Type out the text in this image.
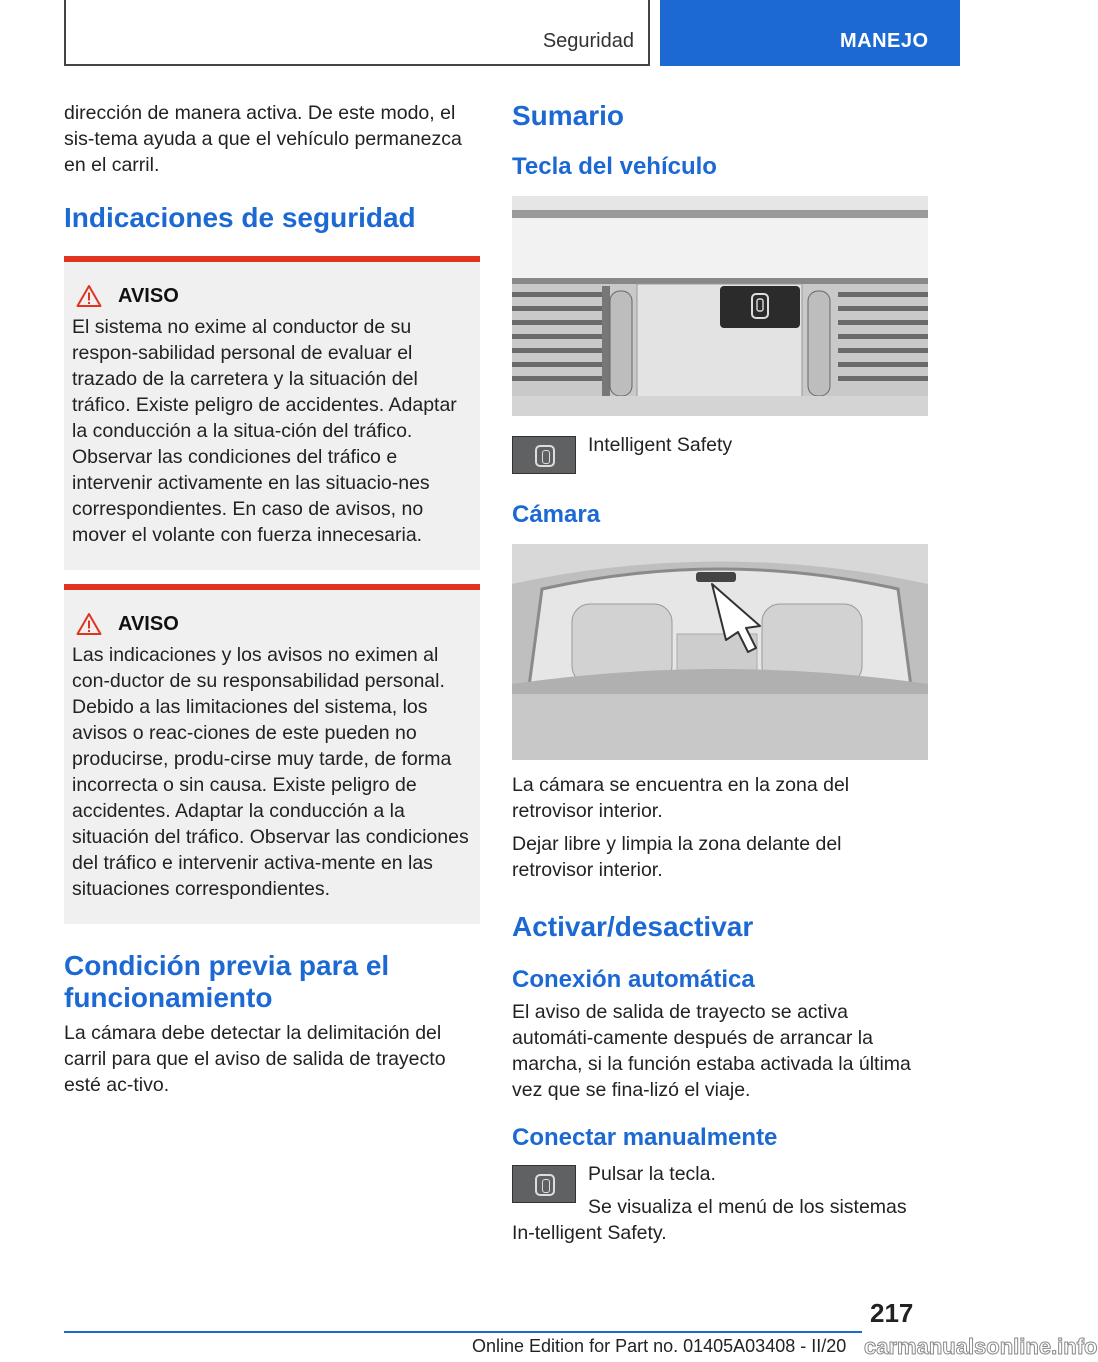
Seguridad	MANEJO

dirección de manera activa. De este modo, el sis‐tema ayuda a que el vehículo permanezca en el carril.

Indicaciones de seguridad
AVISO

El sistema no exime al conductor de su respon‐sabilidad personal de evaluar el trazado de la carretera y la situación del tráfico. Existe peligro de accidentes. Adaptar la conducción a la situa‐ción del tráfico. Observar las condiciones del tráfico e intervenir activamente en las situacio‐nes correspondientes. En caso de avisos, no mover el volante con fuerza innecesaria.

AVISO

Las indicaciones y los avisos no eximen al con‐ductor de su responsabilidad personal. Debido a las limitaciones del sistema, los avisos o reac‐ciones de este pueden no producirse, produ‐cirse muy tarde, de forma incorrecta o sin causa. Existe peligro de accidentes. Adaptar la conducción a la situación del tráfico. Observar las condiciones del tráfico e intervenir activa‐mente en las situaciones correspondientes.

Condición previa para el funcionamiento

La cámara debe detectar la delimitación del carril para que el aviso de salida de trayecto esté ac‐tivo.

Sumario
Tecla del vehículo

Intelligent Safety

Cámara

La cámara se encuentra en la zona del retrovisor interior.

Dejar libre y limpia la zona delante del retrovisor interior.

Activar/desactivar
Conexión automática

El aviso de salida de trayecto se activa automáti‐camente después de arrancar la marcha, si la función estaba activada la última vez que se fina‐lizó el viaje.

Conectar manualmente

Pulsar la tecla.

Se visualiza el menú de los sistemas In‐telligent Safety.

217
Online Edition for Part no. 01405A03408 - II/20 carmanualsonline.info
